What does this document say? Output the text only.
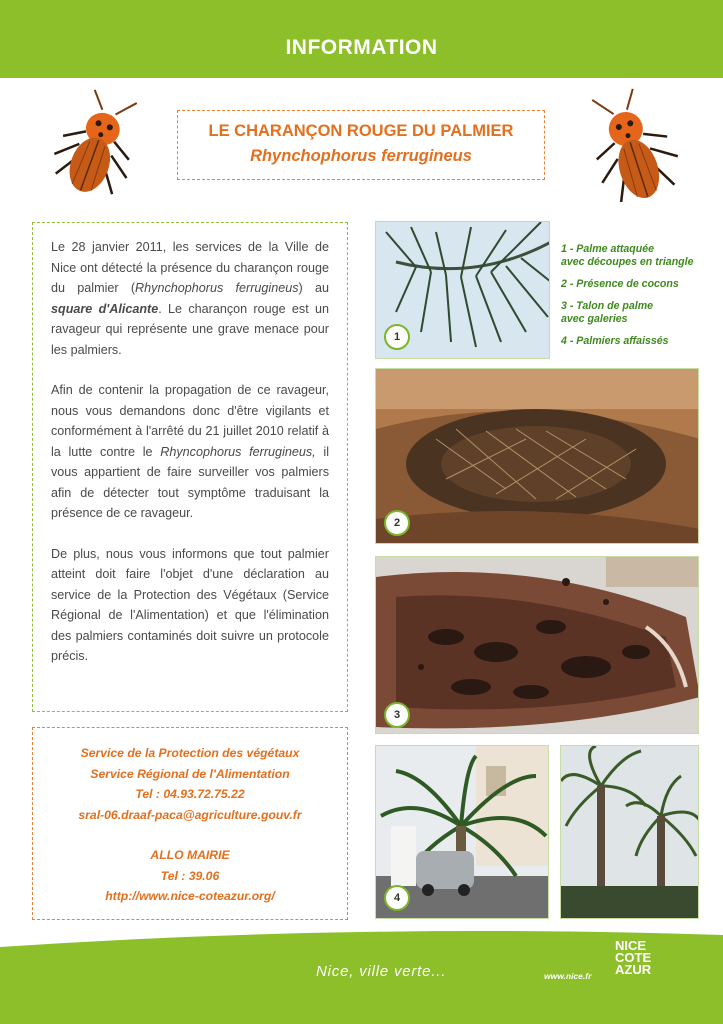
INFORMATION
LE CHARANÇON ROUGE DU PALMIER
Rhynchophorus ferrugineus

Le 28 janvier 2011, les services de la Ville de Nice ont détecté la présence du charançon rouge du palmier (Rhynchophorus ferrugineus) au square d'Alicante. Le charançon rouge est un ravageur qui représente une grave menace pour les palmiers.

Afin de contenir la propagation de ce ravageur, nous vous demandons donc d'être vigilants et conformément à l'arrêté du 21 juillet 2010 relatif à la lutte contre le Rhyncophorus ferrugineus, il vous appartient de faire surveiller vos palmiers afin de détecter tout symptôme traduisant la présence de ce ravageur.

De plus, nous vous informons que tout palmier atteint doit faire l'objet d'une déclaration au service de la Protection des Végétaux (Service Régional de l'Alimentation) et que l'élimination des palmiers contaminés doit suivre un protocole précis.

Service de la Protection des végétaux
Service Régional de l'Alimentation
Tel : 04.93.72.75.22
sral-06.draaf-paca@agriculture.gouv.fr
ALLO MAIRIE
Tel : 39.06
http://www.nice-coteazur.org/
1
1 - Palme attaquée
avec découpes en triangle
2 - Présence de cocons
3 - Talon de palme
avec galeries
4 - Palmiers affaissés
2
3
4
Nice, ville verte...	www.nice.fr
NICE
COTE
AZUR
